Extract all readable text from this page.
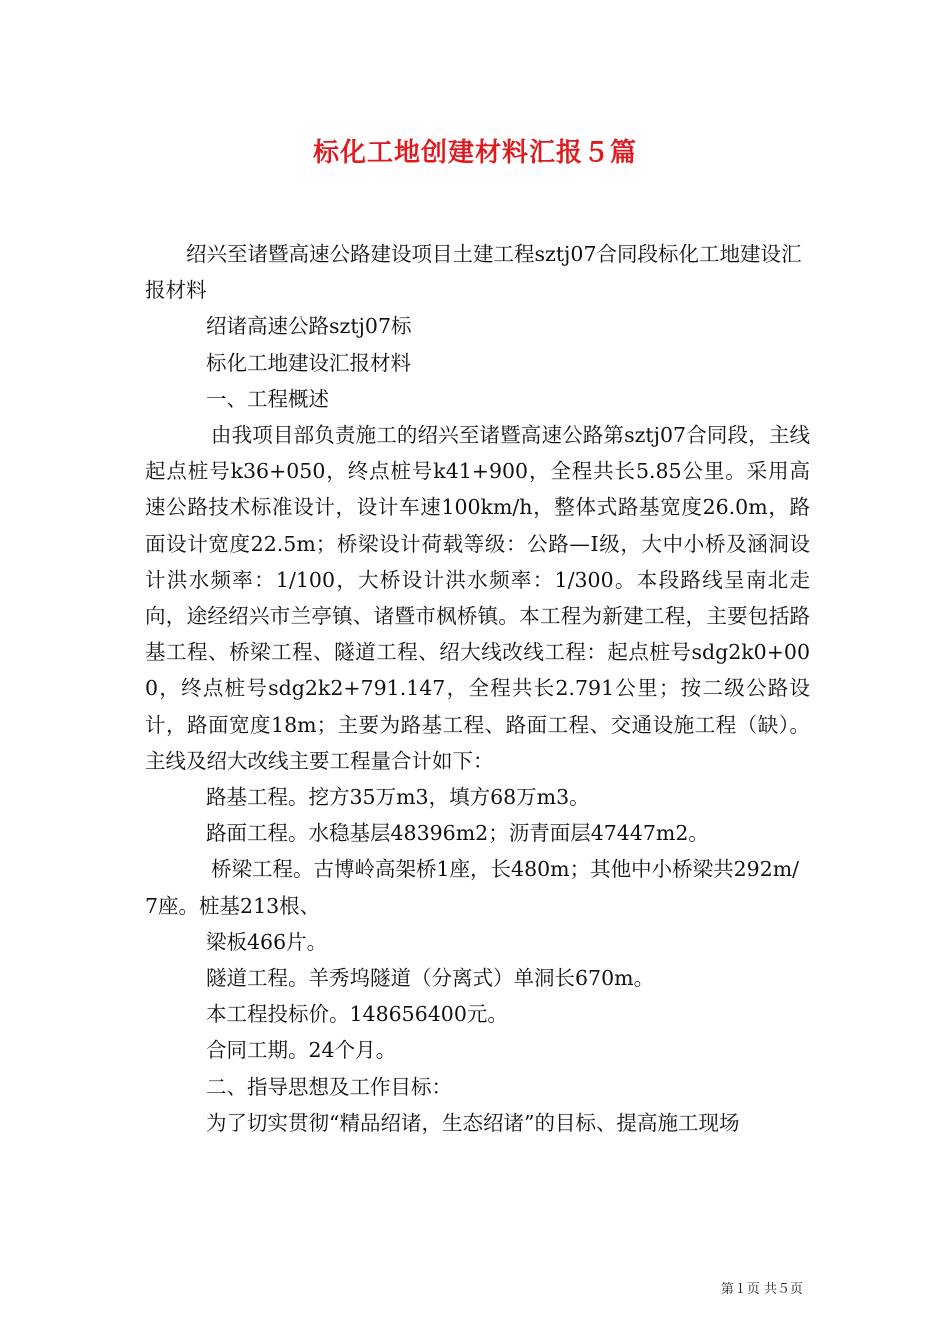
标化工地创建材料汇报５篇

绍兴至诸暨高速公路建设项目土建工程sztj07合同段标化工地建设汇报材料

绍诸高速公路sztj07标

标化工地建设汇报材料

一、工程概述

由我项目部负责施工的绍兴至诸暨高速公路第sztj07合同段，主线起点桩号k36+050，终点桩号k41+900，全程共长5.85公里。采用高速公路技术标准设计，设计车速100km/h，整体式路基宽度26.0m，路面设计宽度22.5m；桥梁设计荷载等级：公路—Ⅰ级，大中小桥及涵洞设计洪水频率：1/100，大桥设计洪水频率：1/300。本段路线呈南北走向，途经绍兴市兰亭镇、诸暨市枫桥镇。本工程为新建工程，主要包括路基工程、桥梁工程、隧道工程、绍大线改线工程：起点桩号sdg2k0+000，终点桩号sdg2k2+791.147，全程共长2.791公里；按二级公路设计，路面宽度18m；主要为路基工程、路面工程、交通设施工程（缺）。主线及绍大改线主要工程量合计如下：

路基工程。挖方35万m3，填方68万m3。

路面工程。水稳基层48396m2；沥青面层47447m2。

桥梁工程。古博岭高架桥1座，长480m；其他中小桥梁共292m/7座。桩基213根、

梁板466片。

隧道工程。羊秀坞隧道（分离式）单洞长670m。

本工程投标价。148656400元。

合同工期。24个月。

二、指导思想及工作目标：

为了切实贯彻“精品绍诸，生态绍诸”的目标、提高施工现场

第１页 共５页
